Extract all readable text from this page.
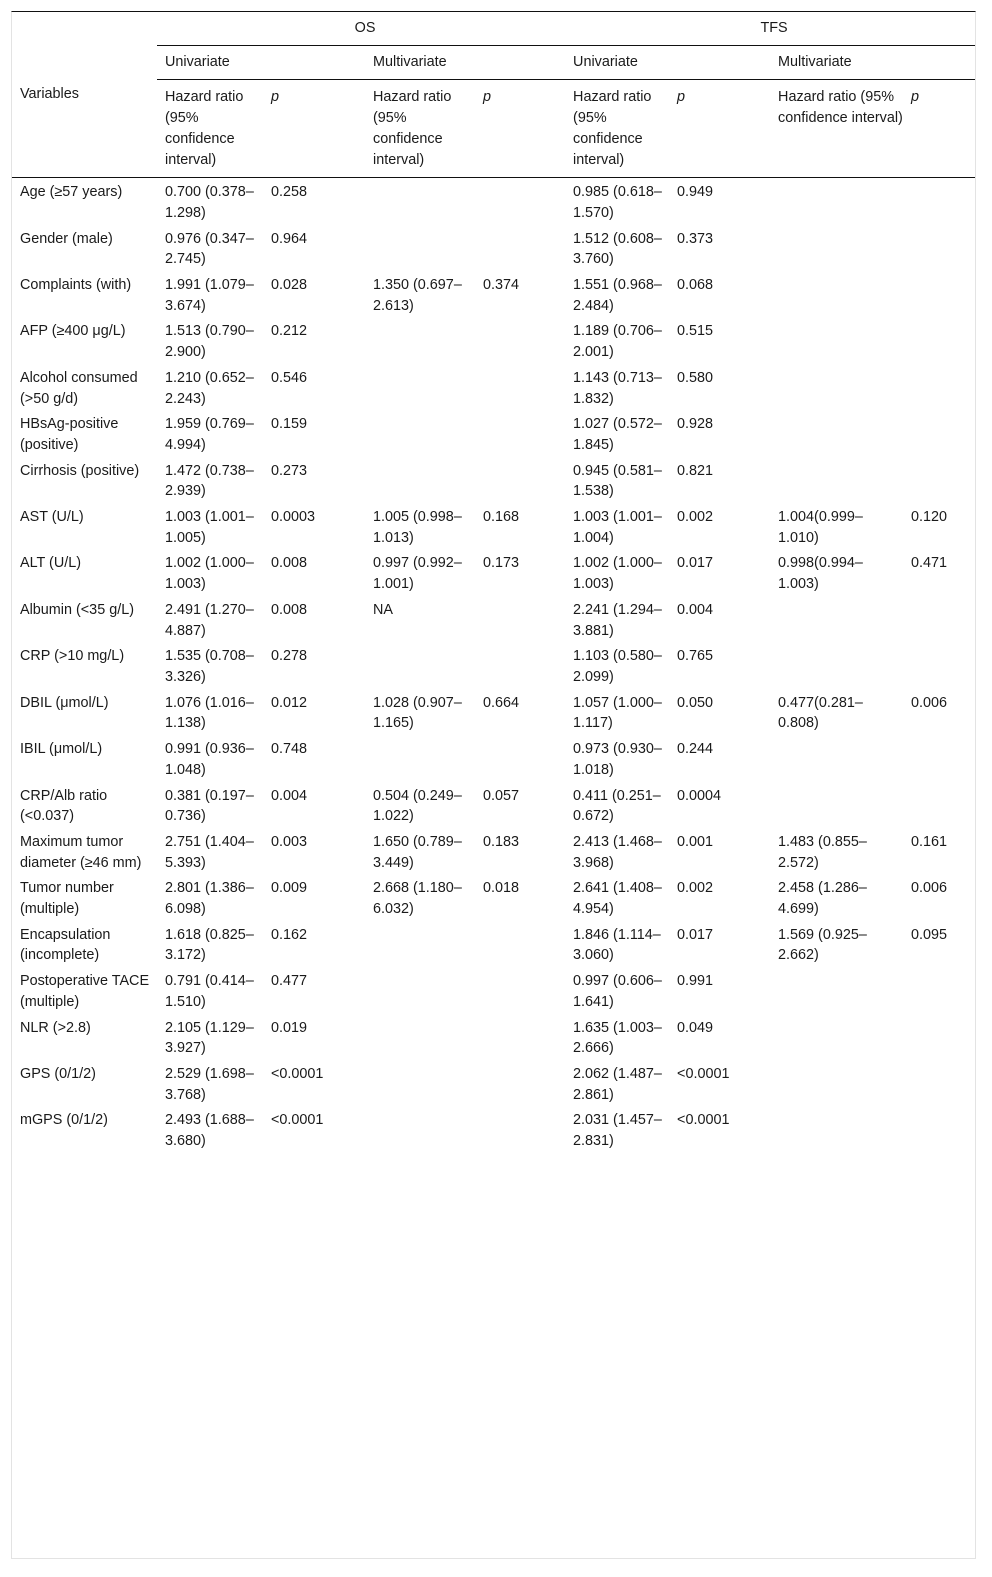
Variables	OS				TFS			
	Univariate		Multivariate		Univariate		Multivariate	
	Hazard ratio (95% confidence interval)	p	Hazard ratio (95% confidence interval)	p	Hazard ratio (95% confidence interval)	p	Hazard ratio (95% confidence interval)	p
Age (≥57 years)	0.700 (0.378–1.298)	0.258			0.985 (0.618–1.570)	0.949		
Gender (male)	0.976 (0.347–2.745)	0.964			1.512 (0.608–3.760)	0.373		
Complaints (with)	1.991 (1.079–3.674)	0.028	1.350 (0.697–2.613)	0.374	1.551 (0.968–2.484)	0.068		
AFP (≥400 μg/L)	1.513 (0.790–2.900)	0.212			1.189 (0.706–2.001)	0.515		
Alcohol consumed (>50 g/d)	1.210 (0.652–2.243)	0.546			1.143 (0.713–1.832)	0.580		
HBsAg-positive (positive)	1.959 (0.769–4.994)	0.159			1.027 (0.572–1.845)	0.928		
Cirrhosis (positive)	1.472 (0.738–2.939)	0.273			0.945 (0.581–1.538)	0.821		
AST (U/L)	1.003 (1.001–1.005)	0.0003	1.005 (0.998–1.013)	0.168	1.003 (1.001–1.004)	0.002	1.004(0.999–1.010)	0.120
ALT (U/L)	1.002 (1.000–1.003)	0.008	0.997 (0.992–1.001)	0.173	1.002 (1.000–1.003)	0.017	0.998(0.994–1.003)	0.471
Albumin (<35 g/L)	2.491 (1.270–4.887)	0.008	NA		2.241 (1.294–3.881)	0.004		
CRP (>10 mg/L)	1.535 (0.708–3.326)	0.278			1.103 (0.580–2.099)	0.765		
DBIL (μmol/L)	1.076 (1.016–1.138)	0.012	1.028 (0.907–1.165)	0.664	1.057 (1.000–1.117)	0.050	0.477(0.281–0.808)	0.006
IBIL (μmol/L)	0.991 (0.936–1.048)	0.748			0.973 (0.930–1.018)	0.244		
CRP/Alb ratio (<0.037)	0.381 (0.197–0.736)	0.004	0.504 (0.249–1.022)	0.057	0.411 (0.251–0.672)	0.0004		
Maximum tumor diameter (≥46 mm)	2.751 (1.404–5.393)	0.003	1.650 (0.789–3.449)	0.183	2.413 (1.468–3.968)	0.001	1.483 (0.855–2.572)	0.161
Tumor number (multiple)	2.801 (1.386–6.098)	0.009	2.668 (1.180–6.032)	0.018	2.641 (1.408–4.954)	0.002	2.458 (1.286–4.699)	0.006
Encapsulation (incomplete)	1.618 (0.825–3.172)	0.162			1.846 (1.114–3.060)	0.017	1.569 (0.925–2.662)	0.095
Postoperative TACE (multiple)	0.791 (0.414–1.510)	0.477			0.997 (0.606–1.641)	0.991		
NLR (>2.8)	2.105 (1.129–3.927)	0.019			1.635 (1.003–2.666)	0.049		
GPS (0/1/2)	2.529 (1.698–3.768)	<0.0001			2.062 (1.487–2.861)	<0.0001		
mGPS (0/1/2)	2.493 (1.688–3.680)	<0.0001			2.031 (1.457–2.831)	<0.0001		
